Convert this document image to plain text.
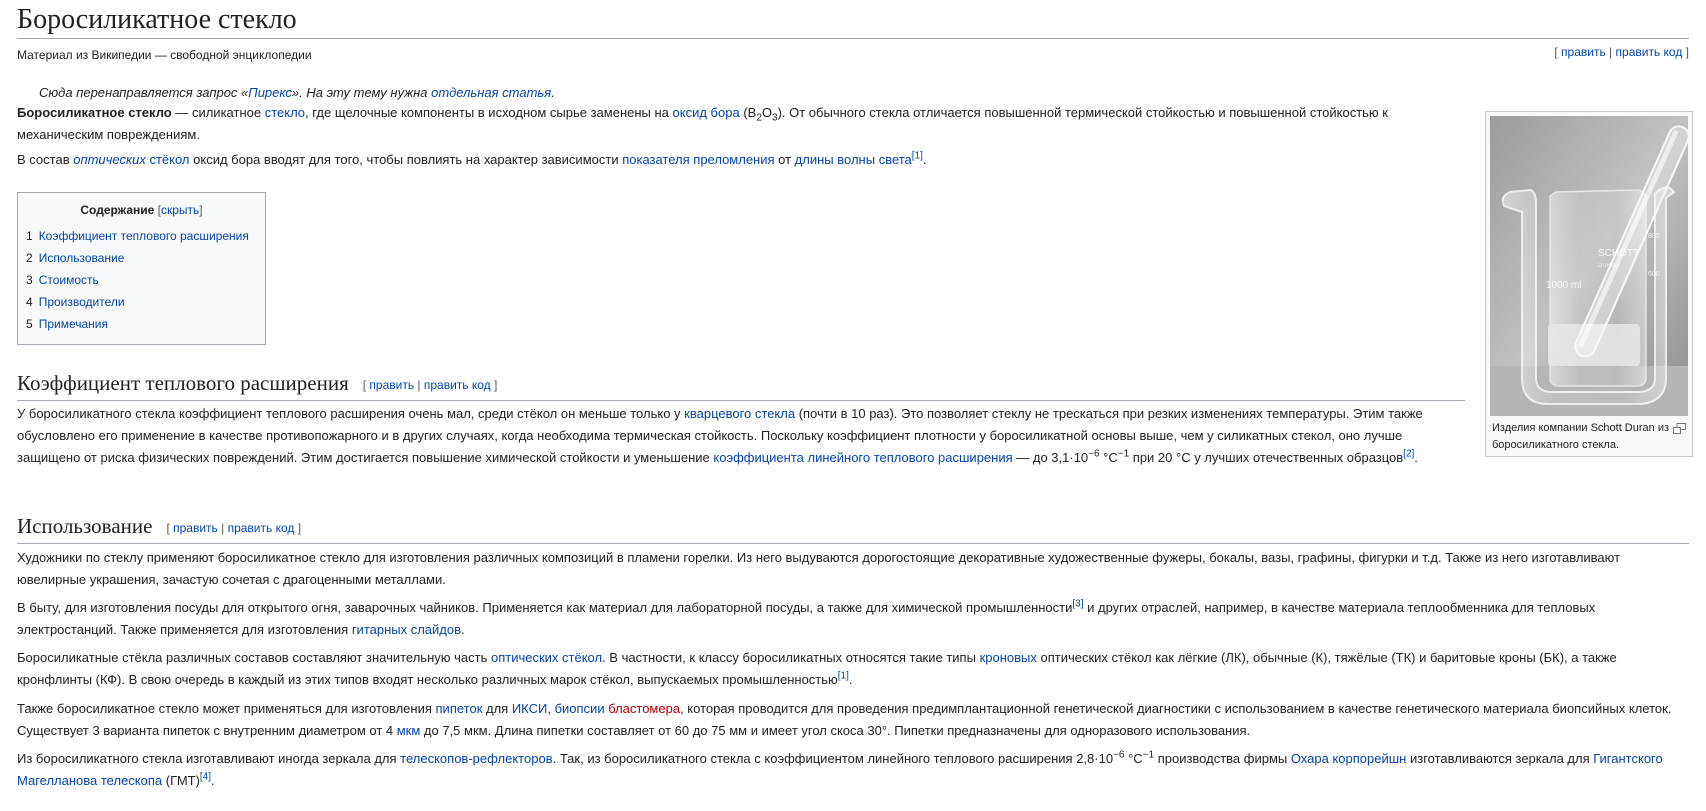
Боросиликатное стекло
Материал из Википедии — свободной энциклопедии	[ править | править код ]
Сюда перенаправляется запрос «Пирекс». На эту тему нужна отдельная статья.

Боросиликатное стекло — силикатное стекло, где щелочные компоненты в исходном сырье заменены на оксид бора $(B_2O_3)$. От обычного стекла отличается повышенной термической стойкостью и повышенной стойкостью к механическим повреждениям.

В состав оптических стёкол оксид бора вводят для того, чтобы повлиять на характер зависимости показателя преломления от длины волны света[1].

Содержание [скрыть]
1 Коэффициент теплового расширения
2 Использование
3 Стоимость
4 Производители
5 Примечания
SCHOTT
DURAN
1000 ml
800
600
Изделия компании Schott Duran из боросиликатного стекла.
Коэффициент теплового расширения [ править | править код ]

У боросиликатного стекла коэффициент теплового расширения очень мал, среди стёкол он меньше только у кварцевого стекла (почти в 10 раз). Это позволяет стеклу не трескаться при резких изменениях температуры. Этим также обусловлено его применение в качестве противопожарного и в других случаях, когда необходима термическая стойкость. Поскольку коэффициент плотности у боросиликатной основы выше, чем у силикатных стекол, оно лучше защищено от риска физических повреждений. Этим достигается повышение химической стойкости и уменьшение коэффициента линейного теплового расширения — до $3,1\cdot 10^{-6}$ $^\circ C^{-1}$ при 20 °C у лучших отечественных образцов[2].

Использование [ править | править код ]

Художники по стеклу применяют боросиликатное стекло для изготовления различных композиций в пламени горелки. Из него выдуваются дорогостоящие декоративные художественные фужеры, бокалы, вазы, графины, фигурки и т.д. Также из него изготавливают ювелирные украшения, зачастую сочетая с драгоценными металлами.

В быту, для изготовления посуды для открытого огня, заварочных чайников. Применяется как материал для лабораторной посуды, а также для химической промышленности[3] и других отраслей, например, в качестве материала теплообменника для тепловых электростанций. Также применяется для изготовления гитарных слайдов.

Боросиликатные стёкла различных составов составляют значительную часть оптических стёкол. В частности, к классу боросиликатных относятся такие типы кроновых оптических стёкол как лёгкие (ЛК), обычные (К), тяжёлые (ТК) и баритовые кроны (БК), а также кронфлинты (КФ). В свою очередь в каждый из этих типов входят несколько различных марок стёкол, выпускаемых промышленностью[1].

Также боросиликатное стекло может применяться для изготовления пипеток для ИКСИ, биопсии бластомера, которая проводится для проведения предимплантационной генетической диагностики с использованием в качестве генетического материала биопсийных клеток. Существует 3 варианта пипеток с внутренним диаметром от 4 мкм до 7,5 мкм. Длина пипетки составляет от 60 до 75 мм и имеет угол скоса 30°. Пипетки предназначены для одноразового использования.

Из боросиликатного стекла изготавливают иногда зеркала для телескопов-рефлекторов. Так, из боросиликатного стекла с коэффициентом линейного теплового расширения $2,8\cdot 10^{-6}$ $^\circ C^{-1}$ производства фирмы Охара корпорейшн изготавливаются зеркала для Гигантского Магелланова телескопа (ГМТ)[4].
